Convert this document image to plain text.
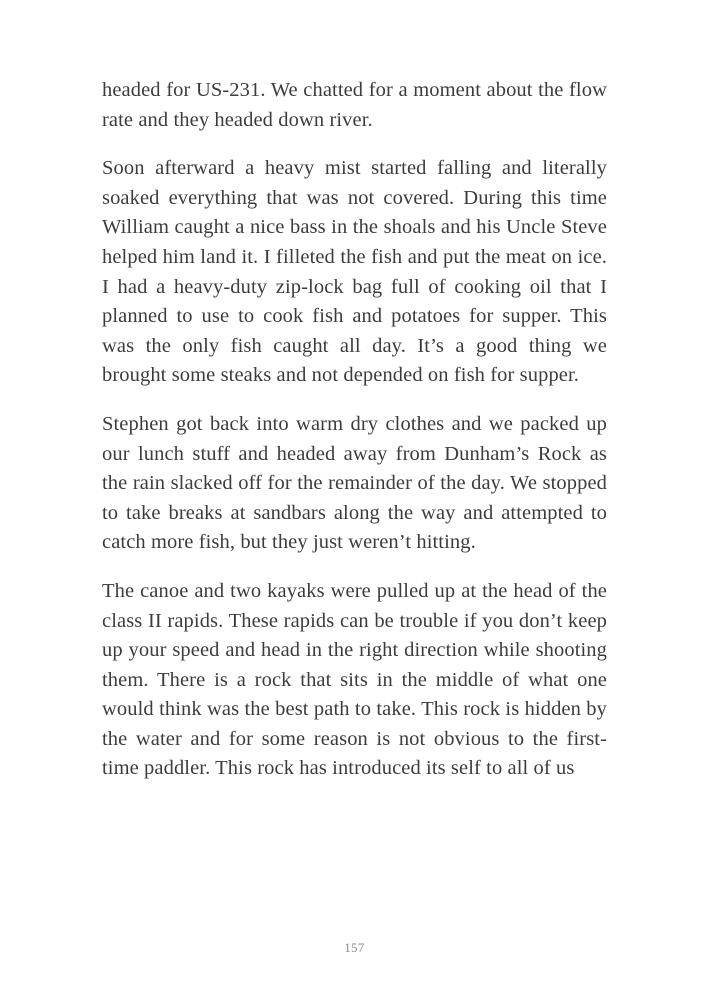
headed for US-231. We chatted for a moment about the flow rate and they headed down river.

Soon afterward a heavy mist started falling and literally soaked everything that was not covered. During this time William caught a nice bass in the shoals and his Uncle Steve helped him land it. I filleted the fish and put the meat on ice. I had a heavy-duty zip-lock bag full of cooking oil that I planned to use to cook fish and potatoes for supper. This was the only fish caught all day. It’s a good thing we brought some steaks and not depended on fish for supper.

Stephen got back into warm dry clothes and we packed up our lunch stuff and headed away from Dunham’s Rock as the rain slacked off for the remainder of the day. We stopped to take breaks at sandbars along the way and attempted to catch more fish, but they just weren’t hitting.

The canoe and two kayaks were pulled up at the head of the class II rapids. These rapids can be trouble if you don’t keep up your speed and head in the right direction while shooting them. There is a rock that sits in the middle of what one would think was the best path to take. This rock is hidden by the water and for some reason is not obvious to the first-time paddler. This rock has introduced its self to all of us

157
